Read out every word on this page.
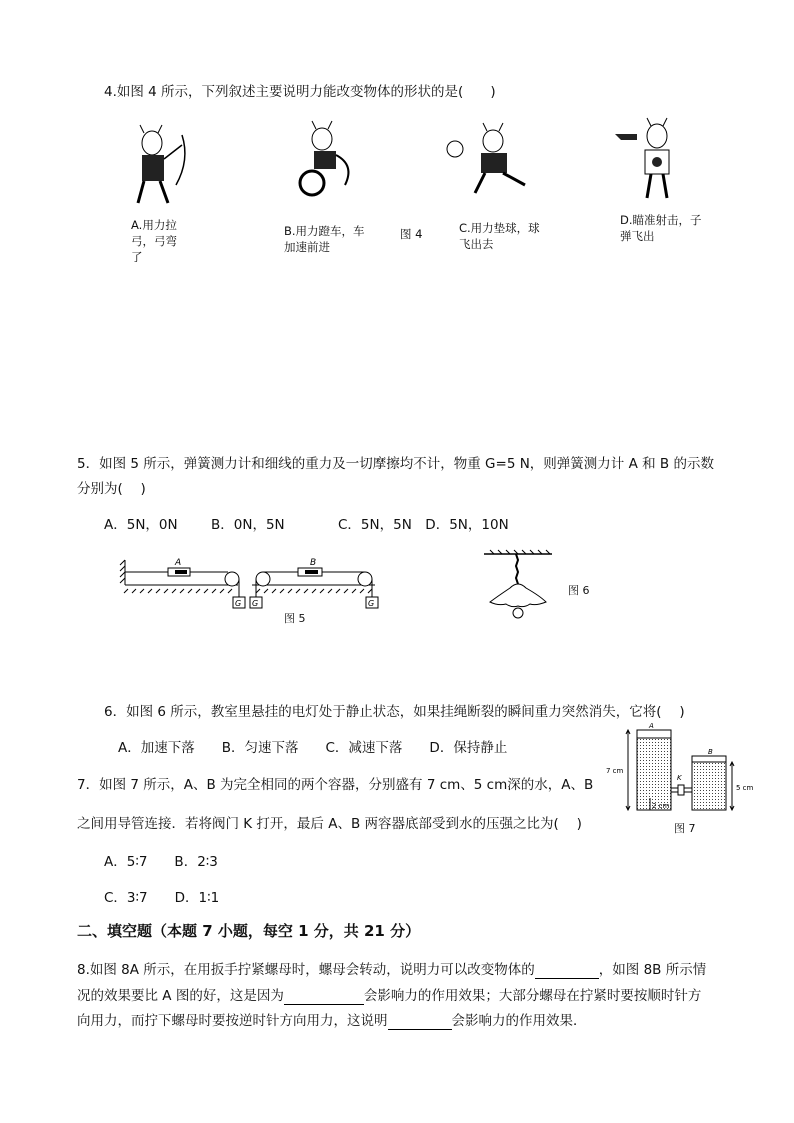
4.如图 4 所示，下列叙述主要说明力能改变物体的形状的是(　　)
A.用力拉
弓，弓弯
了
B.用力蹬车，车
加速前进
图 4	C.用力垫球，球
飞出去
D.瞄准射击，子
弹飞出
5．如图 5 所示，弹簧测力计和细线的重力及一切摩擦均不计，物重 G=5 N，则弹簧测力计 A 和 B 的示数
分别为(　 )
A．5N，0N B．0N，5N	C．5N，5N　D．5N，10N
A
G
B
G	G
图 5
图 6
6．如图 6 所示，教室里悬挂的电灯处于静止状态，如果挂绳断裂的瞬间重力突然消失，它将(　 )
A．加速下落　　B．匀速下落　　C．减速下落　　D．保持静止
7．如图 7 所示，A、B 为完全相同的两个容器，分别盛有 7 cm、5 cm深的水，A、B
之间用导管连接．若将阀门 K 打开，最后 A、B 两容器底部受到水的压强之比为(　 )
A．5∶7　　B．2∶3
C．3∶7　　D．1∶1
A
B
K
7 cm
5 cm
2 cm
图 7
二、填空题（本题 7 小题，每空 1 分，共 21 分）
8.如图 8A 所示，在用扳手拧紧螺母时，螺母会转动，说明力可以改变物体的	，如图 8B 所示情
况的效果要比 A 图的好，这是因为	会影响力的作用效果；大部分螺母在拧紧时要按顺时针方
向用力，而拧下螺母时要按逆时针方向用力，这说明	会影响力的作用效果．
